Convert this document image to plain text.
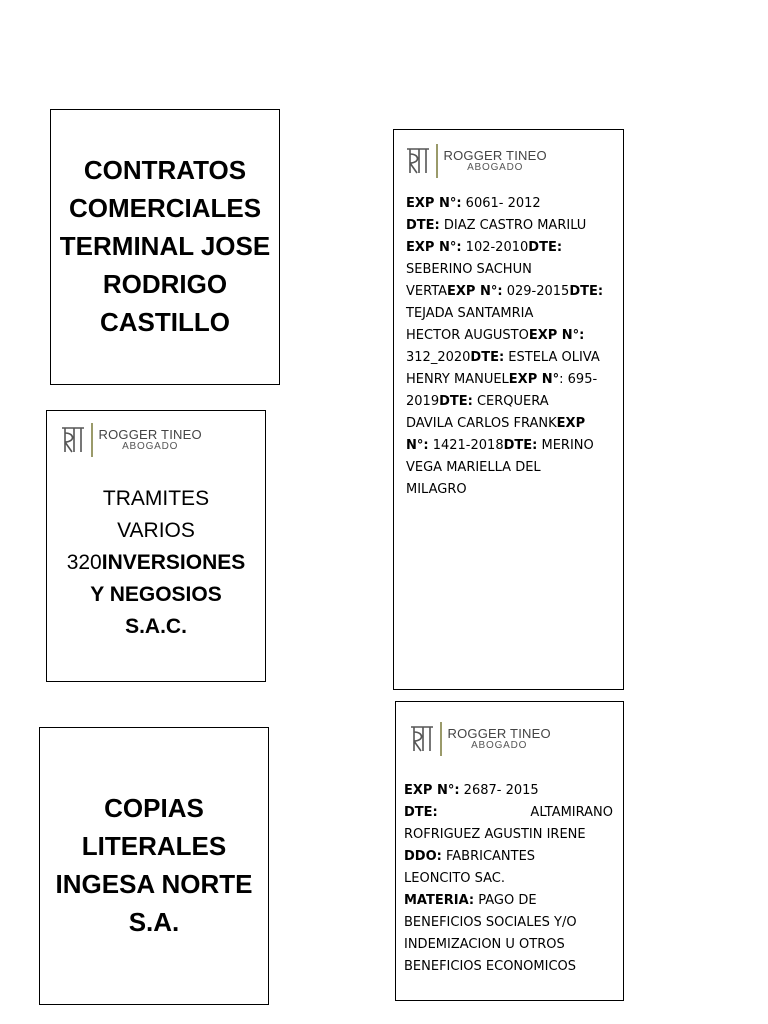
CONTRATOS
COMERCIALES
TERMINAL JOSE
RODRIGO
CASTILLO
ROGGER TINEO
ABOGADO
TRAMITES
VARIOS
320INVERSIONES
Y NEGOSIOS
S.A.C.
COPIAS
LITERALES
INGESA NORTE
S.A.
ROGGER TINEO
ABOGADO
EXP N°: 6061- 2012
DTE: DIAZ CASTRO MARILU
EXP N°: 102-2010DTE:
SEBERINO SACHUN
VERTAEXP N°: 029-2015DTE:
TEJADA SANTAMRIA
HECTOR AUGUSTOEXP N°:
312_2020DTE: ESTELA OLIVA
HENRY MANUELEXP N°: 695-
2019DTE: CERQUERA
DAVILA CARLOS FRANKEXP
N°: 1421-2018DTE: MERINO
VEGA MARIELLA DEL
MILAGRO
ROGGER TINEO
ABOGADO
EXP N°: 2687- 2015
DTE:	ALTAMIRANO
ROFRIGUEZ AGUSTIN IRENE
DDO: FABRICANTES
LEONCITO SAC.
MATERIA: PAGO DE
BENEFICIOS SOCIALES Y/O
INDEMIZACION U OTROS
BENEFICIOS ECONOMICOS
